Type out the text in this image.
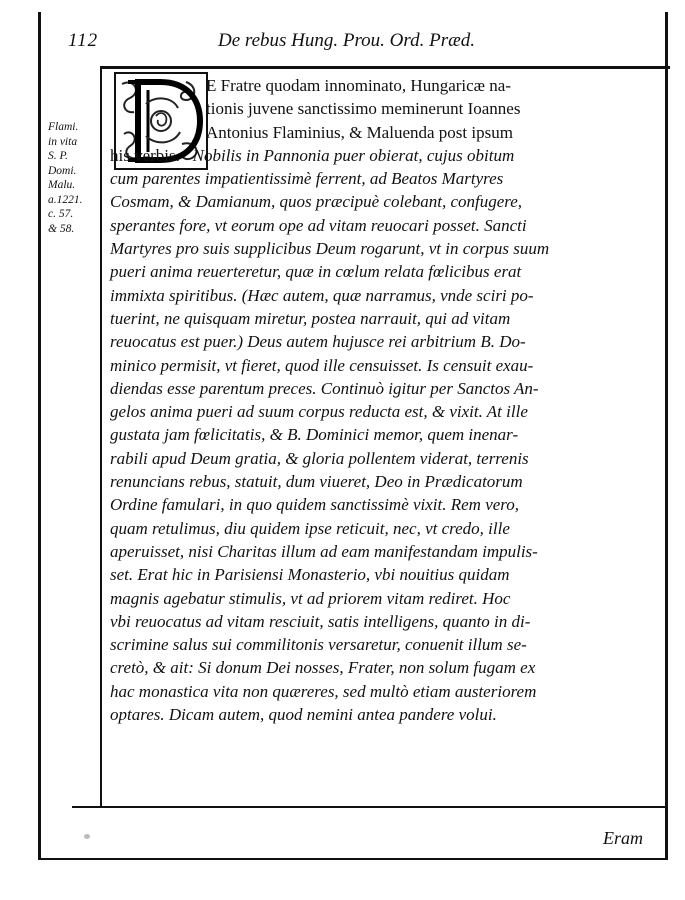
112	De rebus Hung. Prou. Ord. Præd.
Flami.
in vita
S. P.
Domi.
Malu.
a.1221.
c. 57.
& 58.
E Fratre quodam innominato, Hungaricæ na-
tionis juvene sanctissimo meminerunt Ioannes
Antonius Flaminius, & Maluenda post ipsum
his verbis. Nobilis in Pannonia puer obierat, cujus obitum
cum parentes impatientissimè ferrent, ad Beatos Martyres
Cosmam, & Damianum, quos præcipuè colebant, confugere,
sperantes fore, vt eorum ope ad vitam reuocari posset. Sancti
Martyres pro suis supplicibus Deum rogarunt, vt in corpus suum
pueri anima reuerteretur, quæ in cœlum relata fœlicibus erat
immixta spiritibus. (Hæc autem, quæ narramus, vnde sciri po-
tuerint, ne quisquam miretur, postea narrauit, qui ad vitam
reuocatus est puer.) Deus autem hujusce rei arbitrium B. Do-
minico permisit, vt fieret, quod ille censuisset. Is censuit exau-
diendas esse parentum preces. Continuò igitur per Sanctos An-
gelos anima pueri ad suum corpus reducta est, & vixit. At ille
gustata jam fœlicitatis, & B. Dominici memor, quem inenar-
rabili apud Deum gratia, & gloria pollentem viderat, terrenis
renuncians rebus, statuit, dum viueret, Deo in Prædicatorum
Ordine famulari, in quo quidem sanctissimè vixit. Rem vero,
quam retulimus, diu quidem ipse reticuit, nec, vt credo, ille
aperuisset, nisi Charitas illum ad eam manifestandam impulis-
set. Erat hic in Parisiensi Monasterio, vbi nouitius quidam
magnis agebatur stimulis, vt ad priorem vitam rediret. Hoc
vbi reuocatus ad vitam resciuit, satis intelligens, quanto in di-
scrimine salus sui commilitonis versaretur, conuenit illum se-
cretò, & ait: Si donum Dei nosses, Frater, non solum fugam ex
hac monastica vita non quæreres, sed multò etiam austeriorem
optares. Dicam autem, quod nemini antea pandere volui.
Eram
